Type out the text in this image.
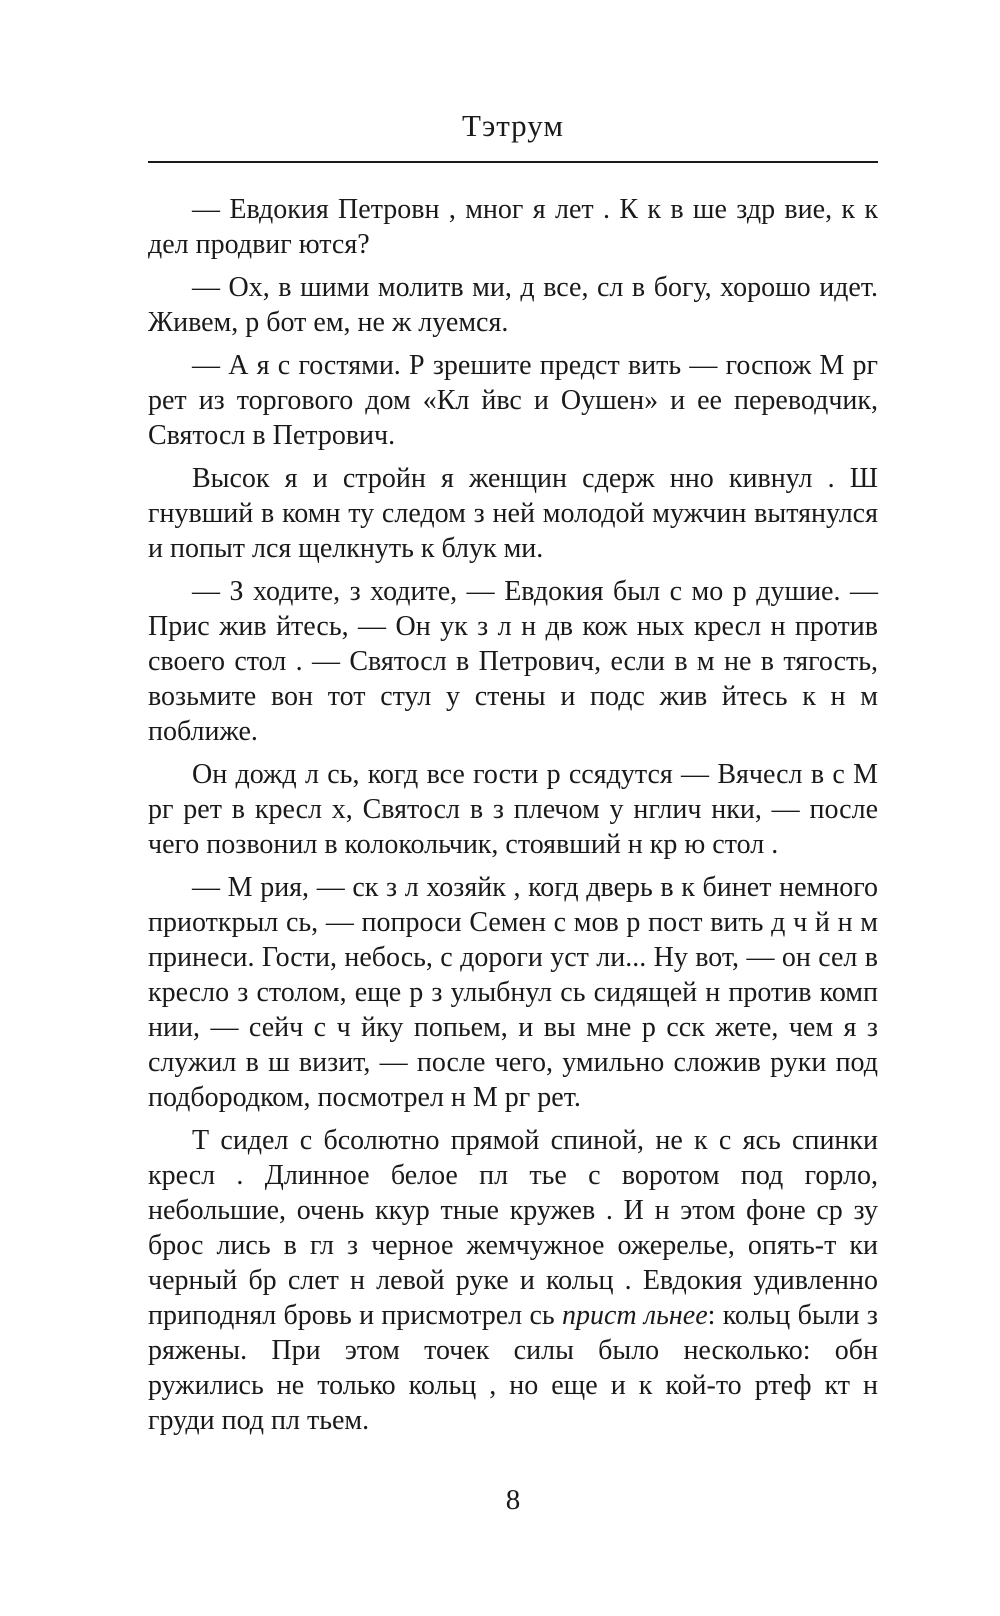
Тэтрум

— Евдокия Петровн , мног я лет . К к в ше здр вие, к к дел продвиг ются?

— Ох, в шими молитв ми, д все, сл в богу, хорошо идет. Живем, р бот ем, не ж луемся.

— А я с гостями. Р зрешите предст вить — госпож М рг рет из торгового дом «Кл йвс и Оушен» и ее переводчик, Святосл в Петрович.

Высок я и стройн я женщин сдерж нно кивнул . Ш гнувший в комн ту следом з ней молодой мужчин вытянулся и попыт лся щелкнуть к блук ми.

— З ходите, з ходите, — Евдокия был с мо р душие. — Прис жив йтесь, — Он ук з л н дв кож ных кресл н против своего стол . — Святосл в Петрович, если в м не в тягость, возьмите вон тот стул у стены и подс жив йтесь к н м поближе.

Он дожд л сь, когд все гости р ссядутся — Вячесл в с М рг рет в кресл х, Святосл в з плечом у нглич нки, — после чего позвонил в колокольчик, стоявший н кр ю стол .

— М рия, — ск з л хозяйк , когд дверь в к бинет немного приоткрыл сь, — попроси Семен с мов р пост вить д ч й н м принеси. Гости, небось, с дороги уст ли... Ну вот, — он сел в кресло з столом, еще р з улыбнул сь сидящей н против комп нии, — сейч с ч йку попьем, и вы мне р сск жете, чем я з служил в ш визит, — после чего, умильно сложив руки под подбородком, посмотрел н М рг рет.

Т сидел с бсолютно прямой спиной, не к с ясь спинки кресл . Длинное белое пл тье с воротом под горло, небольшие, очень ккур тные кружев . И н этом фоне ср зу брос лись в гл з черное жемчужное ожерелье, опять-т ки черный бр слет н левой руке и кольц . Евдокия удивленно приподнял бровь и присмотрел сь прист льнее: кольц были з ряжены. При этом точек силы было несколько: обн ружились не только кольц , но еще и к кой-то ртеф кт н груди под пл тьем.

8
